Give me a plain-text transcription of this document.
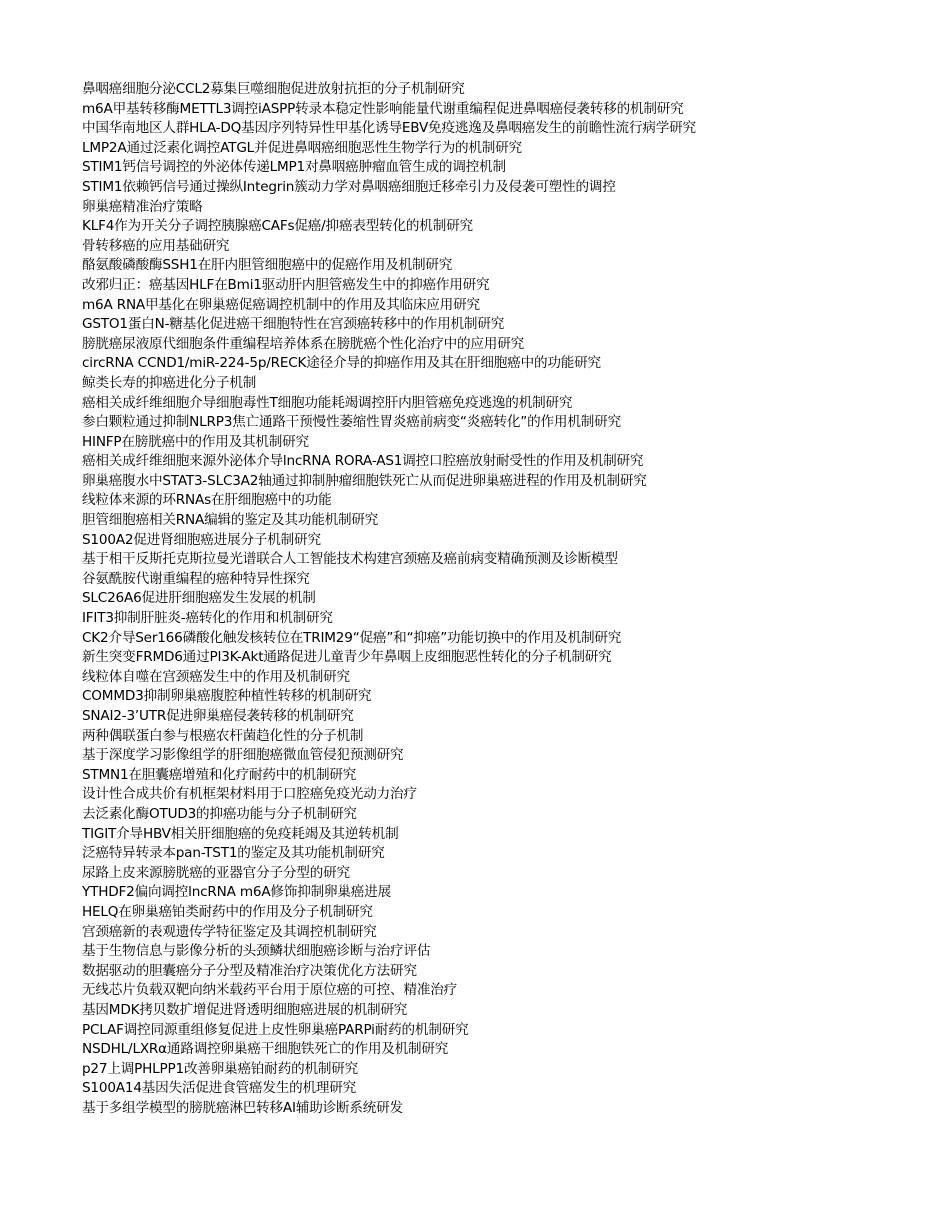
鼻咽癌细胞分泌CCL2募集巨噬细胞促进放射抗拒的分子机制研究
m6A甲基转移酶METTL3调控iASPP转录本稳定性影响能量代谢重编程促进鼻咽癌侵袭转移的机制研究
中国华南地区人群HLA-DQ基因序列特异性甲基化诱导EBV免疫逃逸及鼻咽癌发生的前瞻性流行病学研究
LMP2A通过泛素化调控ATGL并促进鼻咽癌细胞恶性生物学行为的机制研究
STIM1钙信号调控的外泌体传递LMP1对鼻咽癌肿瘤血管生成的调控机制
STIM1依赖钙信号通过操纵Integrin簇动力学对鼻咽癌细胞迁移牵引力及侵袭可塑性的调控
卵巢癌精准治疗策略
KLF4作为开关分子调控胰腺癌CAFs促癌/抑癌表型转化的机制研究
骨转移癌的应用基础研究
酪氨酸磷酸酶SSH1在肝内胆管细胞癌中的促癌作用及机制研究
改邪归正：癌基因HLF在Bmi1驱动肝内胆管癌发生中的抑癌作用研究
m6A RNA甲基化在卵巢癌促癌调控机制中的作用及其临床应用研究
GSTO1蛋白N-糖基化促进癌干细胞特性在宫颈癌转移中的作用机制研究
膀胱癌尿液原代细胞条件重编程培养体系在膀胱癌个性化治疗中的应用研究
circRNA CCND1/miR-224-5p/RECK途径介导的抑癌作用及其在肝细胞癌中的功能研究
鲸类长寿的抑癌进化分子机制
癌相关成纤维细胞介导细胞毒性T细胞功能耗竭调控肝内胆管癌免疫逃逸的机制研究
参白颗粒通过抑制NLRP3焦亡通路干预慢性萎缩性胃炎癌前病变“炎癌转化”的作用机制研究
HINFP在膀胱癌中的作用及其机制研究
癌相关成纤维细胞来源外泌体介导lncRNA RORA-AS1调控口腔癌放射耐受性的作用及机制研究
卵巢癌腹水中STAT3-SLC3A2轴通过抑制肿瘤细胞铁死亡从而促进卵巢癌进程的作用及机制研究
线粒体来源的环RNAs在肝细胞癌中的功能
胆管细胞癌相关RNA编辑的鉴定及其功能机制研究
S100A2促进肾细胞癌进展分子机制研究
基于相干反斯托克斯拉曼光谱联合人工智能技术构建宫颈癌及癌前病变精确预测及诊断模型
谷氨酰胺代谢重编程的癌种特异性探究
SLC26A6促进肝细胞癌发生发展的机制
IFIT3抑制肝脏炎-癌转化的作用和机制研究
CK2介导Ser166磷酸化触发核转位在TRIM29“促癌”和“抑癌”功能切换中的作用及机制研究
新生突变FRMD6通过PI3K-Akt通路促进儿童青少年鼻咽上皮细胞恶性转化的分子机制研究
线粒体自噬在宫颈癌发生中的作用及机制研究
COMMD3抑制卵巢癌腹腔种植性转移的机制研究
SNAI2-3’UTR促进卵巢癌侵袭转移的机制研究
两种偶联蛋白参与根癌农杆菌趋化性的分子机制
基于深度学习影像组学的肝细胞癌微血管侵犯预测研究
STMN1在胆囊癌增殖和化疗耐药中的机制研究
设计性合成共价有机框架材料用于口腔癌免疫光动力治疗
去泛素化酶OTUD3的抑癌功能与分子机制研究
TIGIT介导HBV相关肝细胞癌的免疫耗竭及其逆转机制
泛癌特异转录本pan-TST1的鉴定及其功能机制研究
尿路上皮来源膀胱癌的亚器官分子分型的研究
YTHDF2偏向调控lncRNA m6A修饰抑制卵巢癌进展
HELQ在卵巢癌铂类耐药中的作用及分子机制研究
宫颈癌新的表观遗传学特征鉴定及其调控机制研究
基于生物信息与影像分析的头颈鳞状细胞癌诊断与治疗评估
数据驱动的胆囊癌分子分型及精准治疗决策优化方法研究
无线芯片负载双靶向纳米载药平台用于原位癌的可控、精准治疗
基因MDK拷贝数扩增促进肾透明细胞癌进展的机制研究
PCLAF调控同源重组修复促进上皮性卵巢癌PARPi耐药的机制研究
NSDHL/LXRα通路调控卵巢癌干细胞铁死亡的作用及机制研究
p27上调PHLPP1改善卵巢癌铂耐药的机制研究
S100A14基因失活促进食管癌发生的机理研究
基于多组学模型的膀胱癌淋巴转移AI辅助诊断系统研发
